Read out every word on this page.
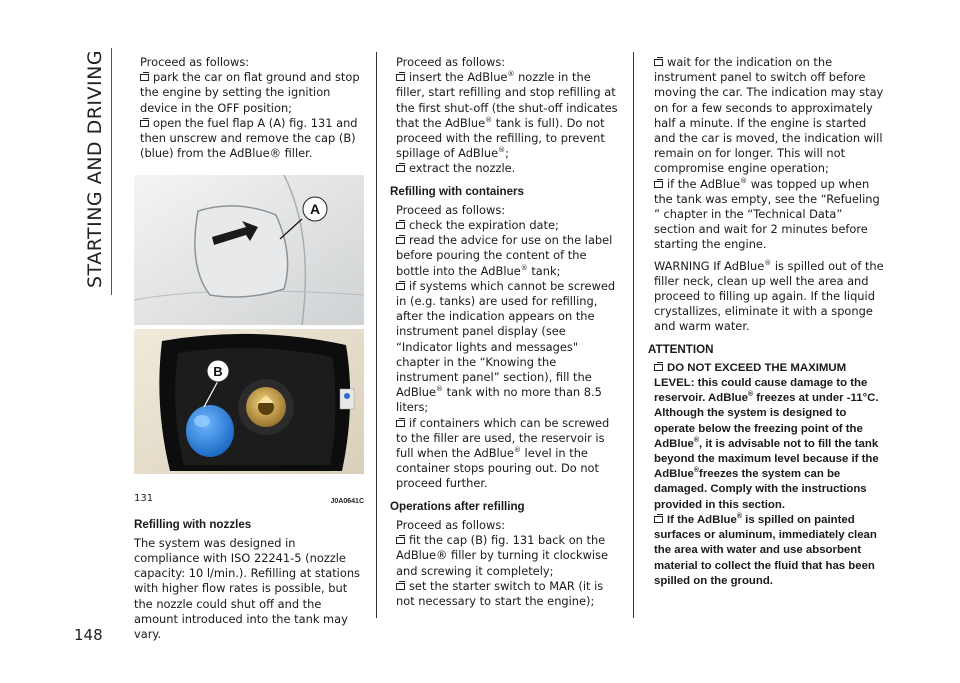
STARTING AND DRIVING
148

Proceed as follows:

park the car on flat ground and stop the engine by setting the ignition device in the OFF position;

open the fuel flap A (A) fig. 131 and then unscrew and remove the cap (B) (blue) from the AdBlue® filler.

A
B
131	J0A0641C

Refilling with nozzles

The system was designed in compliance with ISO 22241-5 (nozzle capacity: 10 l/min.). Refilling at stations with higher flow rates is possible, but the nozzle could shut off and the amount introduced into the tank may vary.

Proceed as follows:

insert the AdBlue® nozzle in the filler, start refilling and stop refilling at the first shut-off (the shut-off indicates that the AdBlue® tank is full). Do not proceed with the refilling, to prevent spillage of AdBlue®;

extract the nozzle.

Refilling with containers

Proceed as follows:

check the expiration date;

read the advice for use on the label before pouring the content of the bottle into the AdBlue® tank;

if systems which cannot be screwed in (e.g. tanks) are used for refilling, after the indication appears on the instrument panel display (see “Indicator lights and messages" chapter in the “Knowing the instrument panel” section), fill the AdBlue® tank with no more than 8.5 liters;

if containers which can be screwed to the filler are used, the reservoir is full when the AdBlue® level in the container stops pouring out. Do not proceed further.

Operations after refilling

Proceed as follows:

fit the cap (B) fig. 131 back on the AdBlue® filler by turning it clockwise and screwing it completely;

set the starter switch to MAR (it is not necessary to start the engine);

wait for the indication on the instrument panel to switch off before moving the car. The indication may stay on for a few seconds to approximately half a minute. If the engine is started and the car is moved, the indication will remain on for longer. This will not compromise engine operation;

if the AdBlue® was topped up when the tank was empty, see the “Refueling ” chapter in the “Technical Data” section and wait for 2 minutes before starting the engine.

WARNING If AdBlue® is spilled out of the filler neck, clean up well the area and proceed to filling up again. If the liquid crystallizes, eliminate it with a sponge and warm water.

ATTENTION

DO NOT EXCEED THE MAXIMUM LEVEL: this could cause damage to the reservoir. AdBlue® freezes at under -11°C. Although the system is designed to operate below the freezing point of the AdBlue®, it is advisable not to fill the tank beyond the maximum level because if the AdBlue®freezes the system can be damaged. Comply with the instructions provided in this section.

If the AdBlue® is spilled on painted surfaces or aluminum, immediately clean the area with water and use absorbent material to collect the fluid that has been spilled on the ground.
